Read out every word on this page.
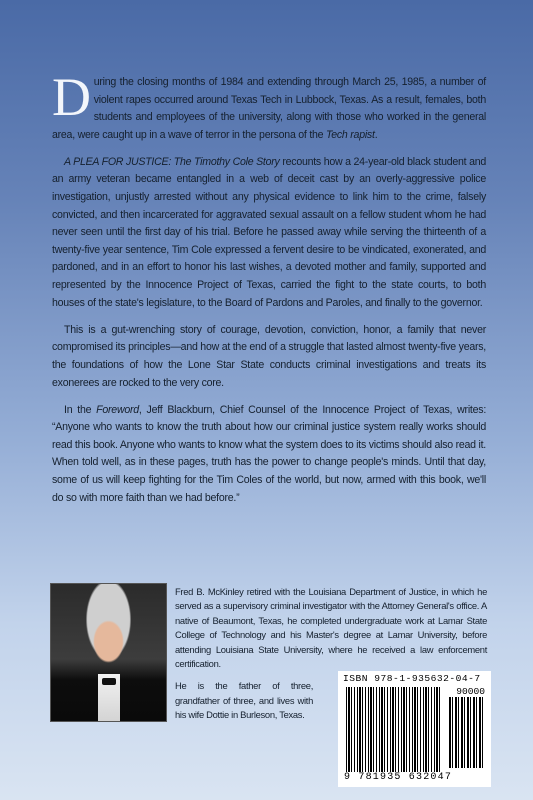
During the closing months of 1984 and extending through March 25, 1985, a number of violent rapes occurred around Texas Tech in Lubbock, Texas. As a result, females, both students and employees of the university, along with those who worked in the general area, were caught up in a wave of terror in the persona of the Tech rapist.

A PLEA FOR JUSTICE: The Timothy Cole Story recounts how a 24-year-old black student and an army veteran became entangled in a web of deceit cast by an overly-aggressive police investigation, unjustly arrested without any physical evidence to link him to the crime, falsely convicted, and then incarcerated for aggravated sexual assault on a fellow student whom he had never seen until the first day of his trial. Before he passed away while serving the thirteenth of a twenty-five year sentence, Tim Cole expressed a fervent desire to be vindicated, exonerated, and pardoned, and in an effort to honor his last wishes, a devoted mother and family, supported and represented by the Innocence Project of Texas, carried the fight to the state courts, to both houses of the state's legislature, to the Board of Pardons and Paroles, and finally to the governor.

This is a gut-wrenching story of courage, devotion, conviction, honor, a family that never compromised its principles—and how at the end of a struggle that lasted almost twenty-five years, the foundations of how the Lone Star State conducts criminal investigations and treats its exonerees are rocked to the very core.

In the Foreword, Jeff Blackburn, Chief Counsel of the Innocence Project of Texas, writes: “Anyone who wants to know the truth about how our criminal justice system really works should read this book. Anyone who wants to know what the system does to its victims should also read it. When told well, as in these pages, truth has the power to change people's minds. Until that day, some of us will keep fighting for the Tim Coles of the world, but now, armed with this book, we'll do so with more faith than we had before.”

Fred B. McKinley retired with the Louisiana Department of Justice, in which he served as a supervisory criminal investigator with the Attorney General's office. A native of Beaumont, Texas, he completed undergraduate work at Lamar State College of Technology and his Master's degree at Lamar University, before attending Louisiana State University, where he received a law enforcement certification.

He is the father of three, grandfather of three, and lives with his wife Dottie in Burleson, Texas.

ISBN 978-1-935632-04-7
90000
9 781935 632047
